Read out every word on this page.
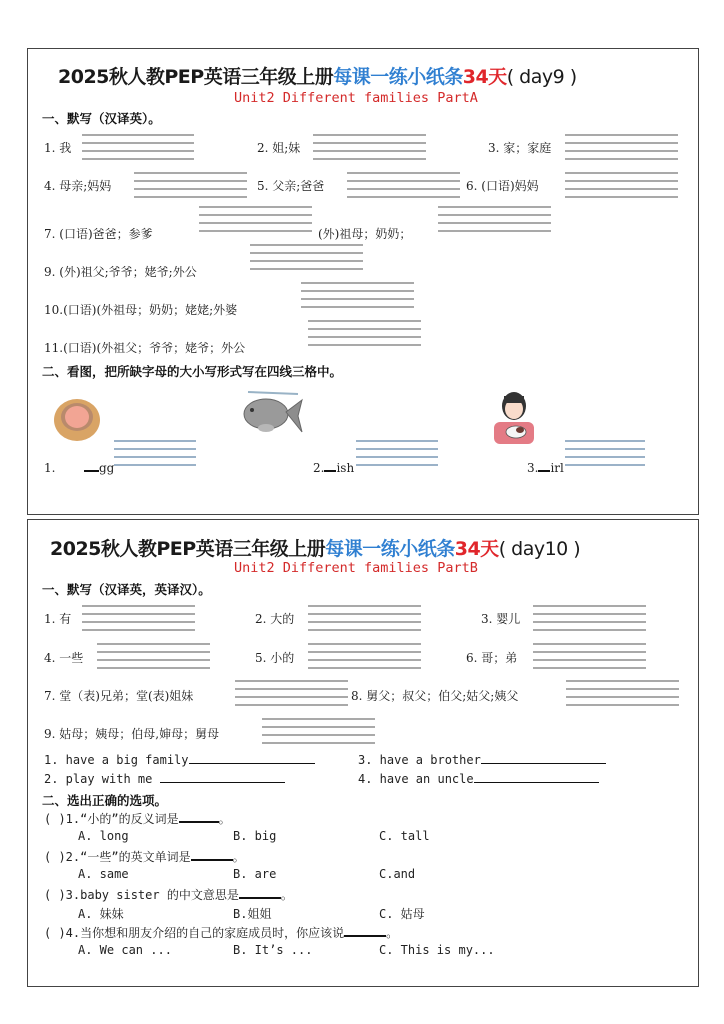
2025秋人教PEP英语三年级上册每课一练小纸条34天( day9 )
Unit2 Different families PartA
一、默写（汉译英）。
1. 我	2. 姐;妹	3. 家；家庭
4. 母亲;妈妈	5. 父亲;爸爸	6. (口语)妈妈
7. (口语)爸爸；参爹	(外)祖母；奶奶；
9. (外)祖父;爷爷；姥爷;外公
10.(口语)(外祖母；奶奶；姥姥;外婆
11.(口语)(外祖父；爷爷；姥爷；外公
二、看图，把所缺字母的大小写形式写在四线三格中。
1.	gg	2. ish	3. irl
2025秋人教PEP英语三年级上册每课一练小纸条34天( day10 )
Unit2 Different families PartB
一、默写（汉译英，英译汉）。
1. 有	2. 大的	3. 婴儿
4. 一些	5. 小的	6. 哥；弟
7. 堂（表)兄弟；堂(表)姐妹	8. 舅父；叔父；伯父;姑父;姨父
9. 姑母；姨母；伯母,婶母；舅母
1. have a big family	3. have a brother
2. play with me	4. have an uncle
二、选出正确的选项。
( )1.“小的”的反义词是	。
A. long	B. big	C. tall
( )2.“一些”的英文单词是	。
A. same	B. are	C.and
( )3.baby sister 的中文意思是	。
A. 妹妹	B.姐姐	C. 姑母
( )4.当你想和朋友介绍的自己的家庭成员时，你应该说	。
A. We can ...	B. It’s ...	C. This is my...
